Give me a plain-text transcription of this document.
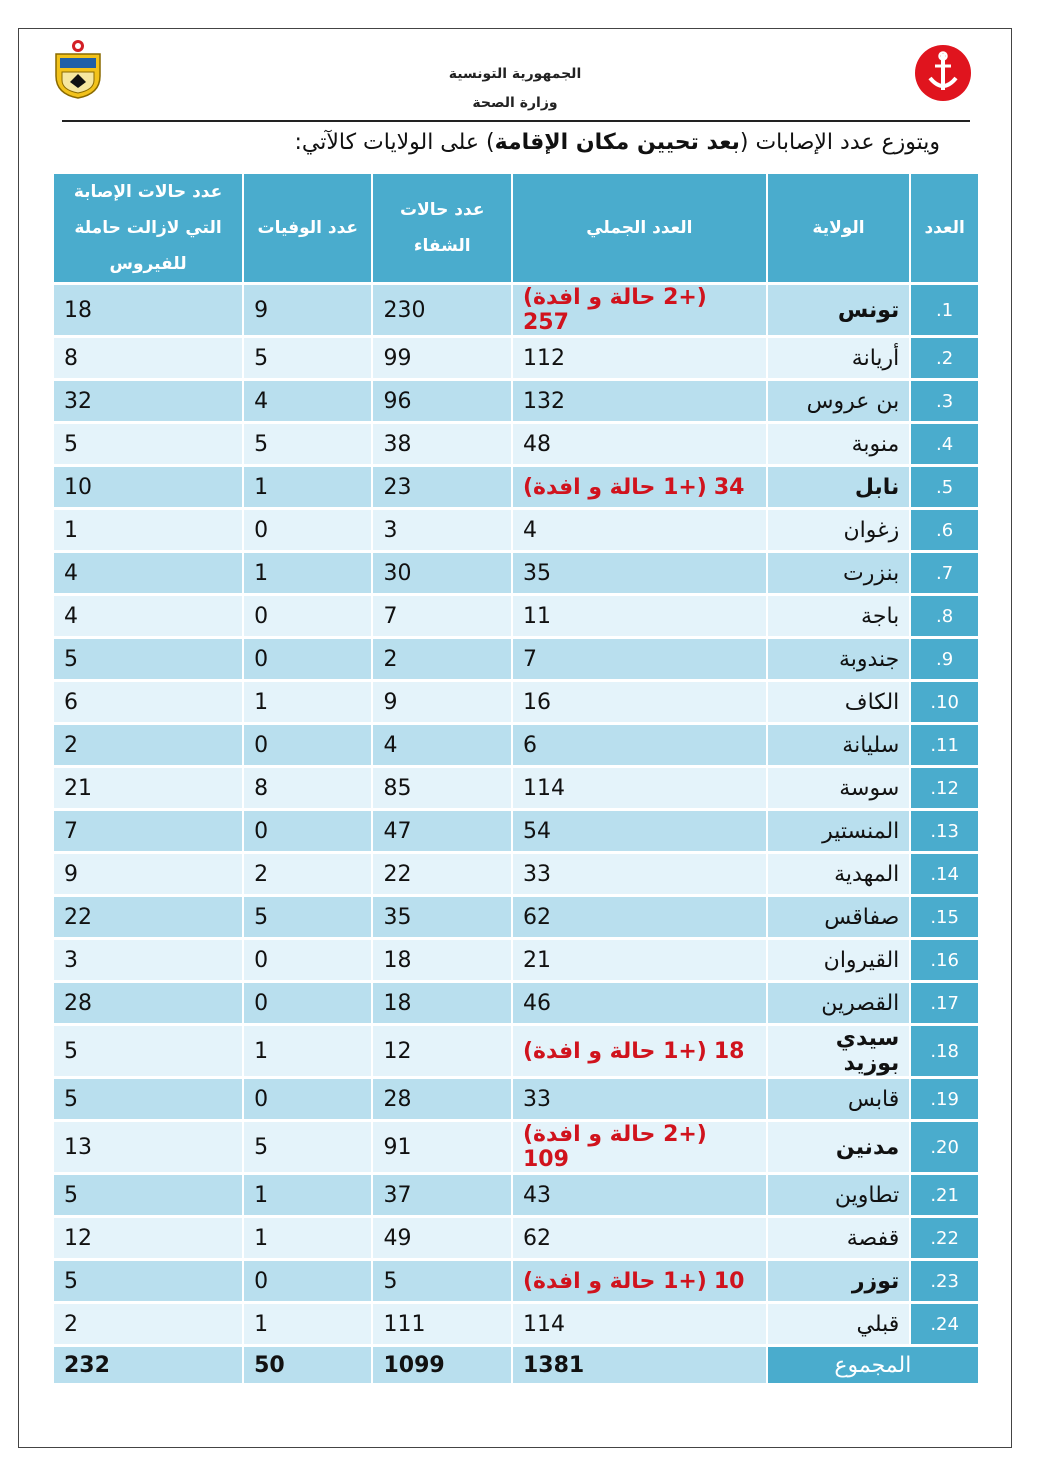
الجمهورية التونسية
وزارة الصحة
ويتوزع عدد الإصابات (بعد تحيين مكان الإقامة) على الولايات كالآتي:
العدد	الولاية	العدد الجملي	عدد حالات الشفاء	عدد الوفيات	عدد حالات الإصابة التي لازالت حاملة للفيروس
1.	تونس	(+2 حالة و افدة) 257	230	9	18
2.	أريانة	112	99	5	8
3.	بن عروس	132	96	4	32
4.	منوبة	48	38	5	5
5.	نابل	(+1 حالة و افدة) 34	23	1	10
6.	زغوان	4	3	0	1
7.	بنزرت	35	30	1	4
8.	باجة	11	7	0	4
9.	جندوبة	7	2	0	5
10.	الكاف	16	9	1	6
11.	سليانة	6	4	0	2
12.	سوسة	114	85	8	21
13.	المنستير	54	47	0	7
14.	المهدية	33	22	2	9
15.	صفاقس	62	35	5	22
16.	القيروان	21	18	0	3
17.	القصرين	46	18	0	28
18.	سيدي بوزيد	(+1 حالة و افدة) 18	12	1	5
19.	قابس	33	28	0	5
20.	مدنين	(+2 حالة و افدة) 109	91	5	13
21.	تطاوين	43	37	1	5
22.	قفصة	62	49	1	12
23.	توزر	(+1 حالة و افدة) 10	5	0	5
24.	قبلي	114	111	1	2
المجموع		1381	1099	50	232
